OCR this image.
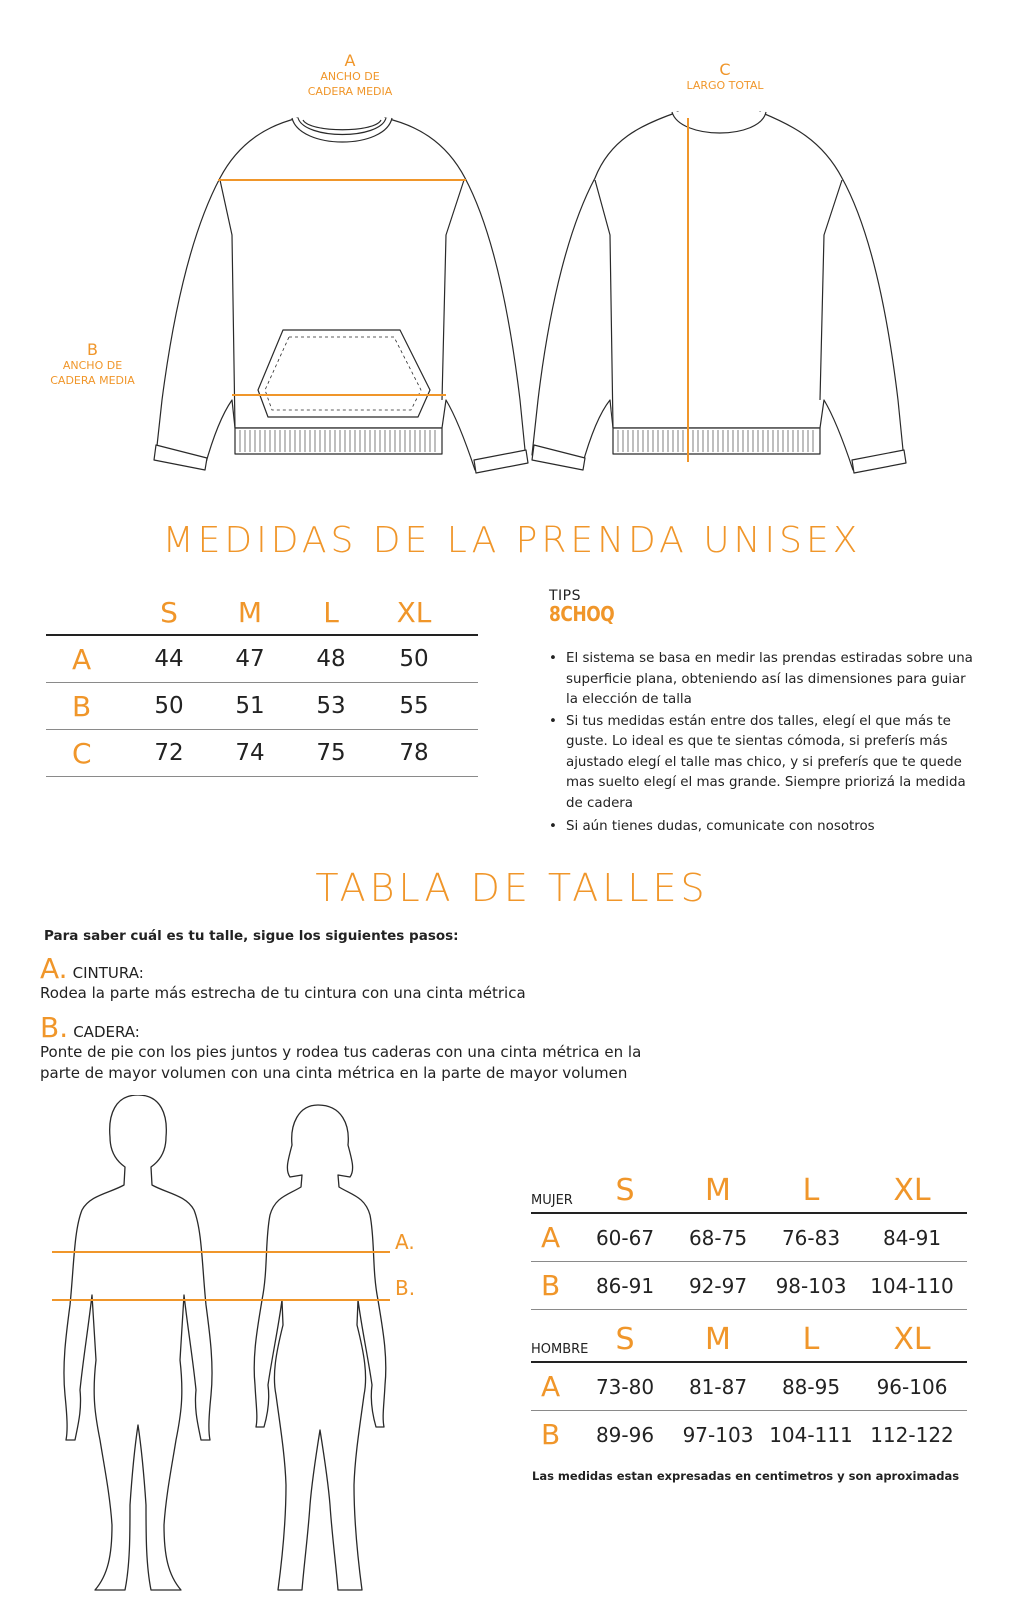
A
ANCHO DE
CADERA MEDIA
B
ANCHO DE
CADERA MEDIA
C
LARGO TOTAL
MEDIDAS DE LA PRENDA UNISEX
S	M	L	XL
A	44	47	48	50
B	50	51	53	55
C	72	74	75	78
TIPS
8CHOQ
• El sistema se basa en medir las prendas estiradas sobre una superficie plana, obteniendo así las dimensiones para guiar la elección de talla
• Si tus medidas están entre dos talles, elegí el que más te guste. Lo ideal es que te sientas cómoda, si preferís más ajustado elegí el talle mas chico, y si preferís que te quede mas suelto elegí el mas grande. Siempre priorizá la medida de cadera
• Si aún tienes dudas, comunicate con nosotros
TABLA DE TALLES
Para saber cuál es tu talle, sigue los siguientes pasos:
A. CINTURA:

Rodea la parte más estrecha de tu cintura con una cinta métrica

B. CADERA:

Ponte de pie con los pies juntos y rodea tus caderas con una cinta métrica en la

parte de mayor volumen con una cinta métrica en la parte de mayor volumen

A.
B.
MUJER	S	M	L	XL
A	60-67	68-75	76-83	84-91
B	86-91	92-97	98-103	104-110
HOMBRE S	M	L	XL
A	73-80	81-87	88-95	96-106
B	89-96	97-103 104-111 112-122
Las medidas estan expresadas en centimetros y son aproximadas
